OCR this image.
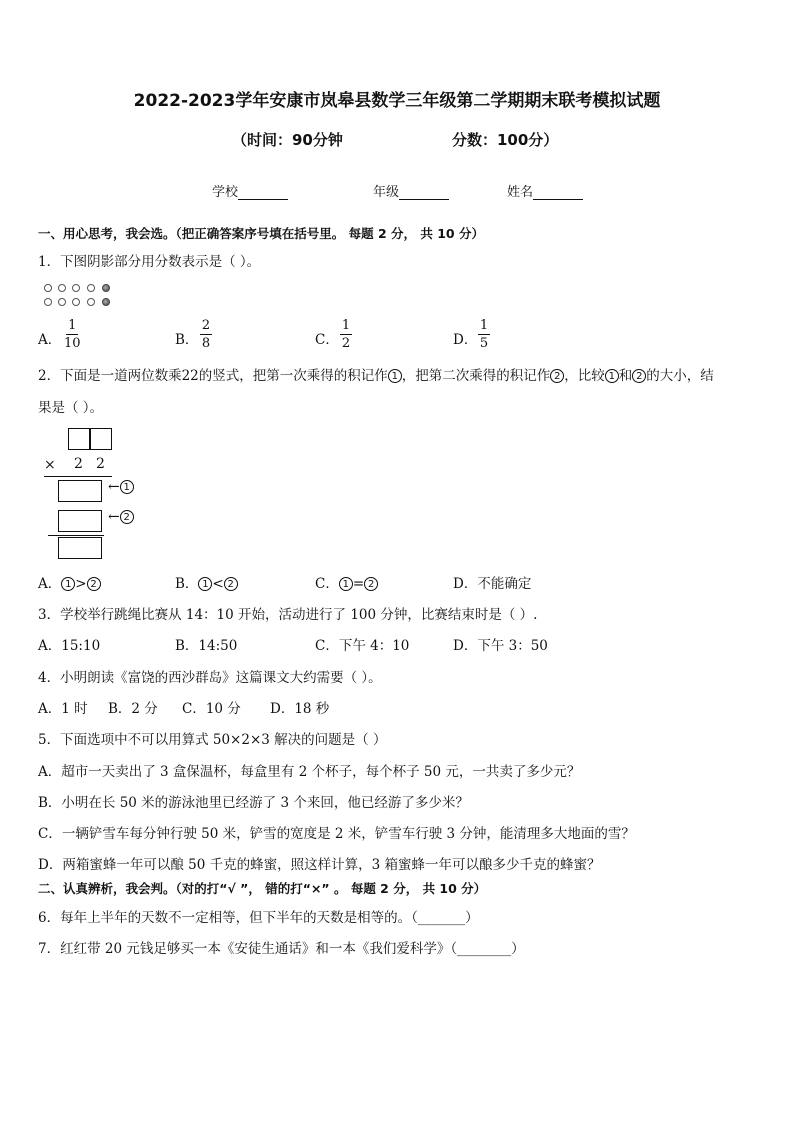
2022-2023学年安康市岚皋县数学三年级第二学期期末联考模拟试题
（时间：90分钟	分数：100分）
学校	年级	姓名
一、用心思考，我会选。（把正确答案序号填在括号里。 每题 2 分， 共 10 分）
1．下图阴影部分用分数表示是（ ）。
A．
1
10	B．
2
8	C．
1
2	D．
1
5
2．下面是一道两位数乘22的竖式，把第一次乘得的积记作 1 ，把第二次乘得的积记作 2 ，比较 1 和 2 的大小，结
果是（ ）。
× 2 2
← 1
← 2
A． 1 > 2	B． 1 < 2	C． 1 = 2	D．不能确定
3．学校举行跳绳比赛从 14：10 开始，活动进行了 100 分钟，比赛结束时是（ ）.
A．15:10	B．14:50	C．下午 4：10	D．下午 3：50
4．小明朗读《富饶的西沙群岛》这篇课文大约需要（ ）。
A．1 时 B．2 分 C．10 分 D．18 秒
5．下面选项中不可以用算式 50×2×3 解决的问题是（ ）
A．超市一天卖出了 3 盒保温杯，每盒里有 2 个杯子，每个杯子 50 元，一共卖了多少元？
B．小明在长 50 米的游泳池里已经游了 3 个来回，他已经游了多少米？
C．一辆铲雪车每分钟行驶 50 米，铲雪的宽度是 2 米，铲雪车行驶 3 分钟，能清理多大地面的雪？
D．两箱蜜蜂一年可以酿 50 千克的蜂蜜，照这样计算，3 箱蜜蜂一年可以酿多少千克的蜂蜜？
二、认真辨析，我会判。（对的打“√ ”， 错的打“×” 。 每题 2 分， 共 10 分）
6．每年上半年的天数不一定相等，但下半年的天数是相等的。（_______）
7．红红带 20 元钱足够买一本《安徒生通话》和一本《我们爱科学》（________）
